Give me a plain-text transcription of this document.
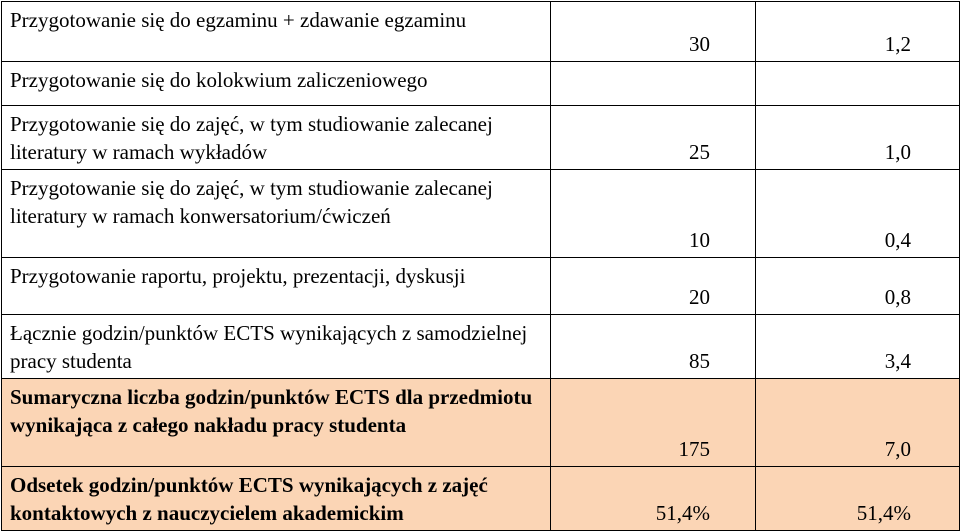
Przygotowanie się do egzaminu + zdawanie egzaminu	30	1,2
Przygotowanie się do kolokwium zaliczeniowego		
Przygotowanie się do zajęć, w tym studiowanie zalecanej literatury w ramach wykładów	25	1,0
Przygotowanie się do zajęć, w tym studiowanie zalecanej literatury w ramach konwersatorium/ćwiczeń	10	0,4
Przygotowanie raportu, projektu, prezentacji, dyskusji	20	0,8
Łącznie godzin/punktów ECTS wynikających z samodzielnej pracy studenta	85	3,4
Sumaryczna liczba godzin/punktów ECTS dla przedmiotu wynikająca z całego nakładu pracy studenta	175	7,0
Odsetek godzin/punktów ECTS wynikających z zajęć kontaktowych z nauczycielem akademickim	51,4%	51,4%
